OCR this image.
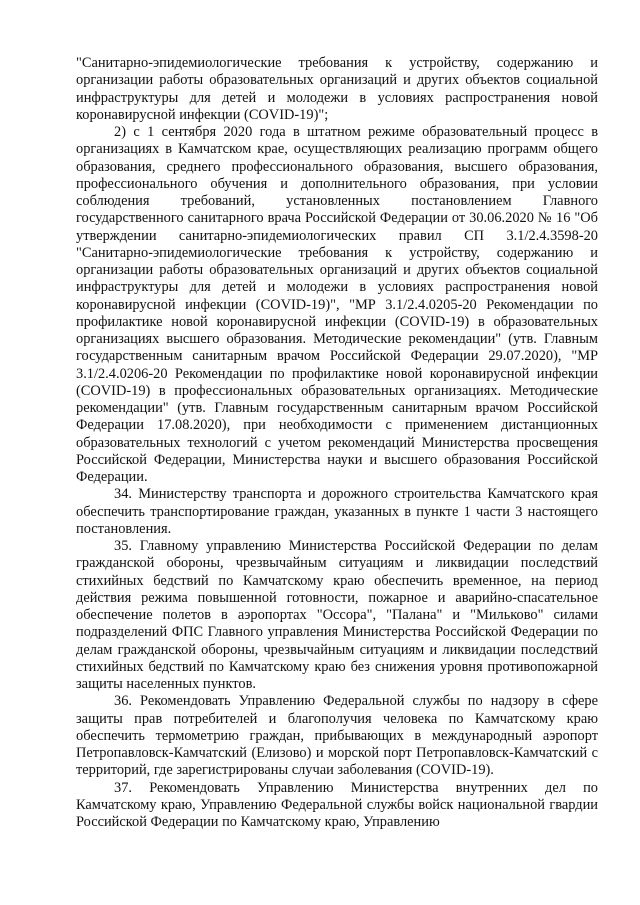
"Санитарно-эпидемиологические требования к устройству, содержанию и организации работы образовательных организаций и других объектов социальной инфраструктуры для детей и молодежи в условиях распространения новой коронавирусной инфекции (COVID-19)";

2) с 1 сентября 2020 года в штатном режиме образовательный процесс в организациях в Камчатском крае, осуществляющих реализацию программ общего образования, среднего профессионального образования, высшего образования, профессионального обучения и дополнительного образования, при условии соблюдения требований, установленных постановлением Главного государственного санитарного врача Российской Федерации от 30.06.2020 № 16 "Об утверждении санитарно-эпидемиологических правил СП 3.1/2.4.3598-20 "Санитарно-эпидемиологические требования к устройству, содержанию и организации работы образовательных организаций и других объектов социальной инфраструктуры для детей и молодежи в условиях распространения новой коронавирусной инфекции (COVID-19)", "МР 3.1/2.4.0205-20 Рекомендации по профилактике новой коронавирусной инфекции (COVID-19) в образовательных организациях высшего образования. Методические рекомендации" (утв. Главным государственным санитарным врачом Российской Федерации 29.07.2020), "МР 3.1/2.4.0206-20 Рекомендации по профилактике новой коронавирусной инфекции (COVID-19) в профессиональных образовательных организациях. Методические рекомендации" (утв. Главным государственным санитарным врачом Российской Федерации 17.08.2020), при необходимости с применением дистанционных образовательных технологий с учетом рекомендаций Министерства просвещения Российской Федерации, Министерства науки и высшего образования Российской Федерации.

34. Министерству транспорта и дорожного строительства Камчатского края обеспечить транспортирование граждан, указанных в пункте 1 части 3 настоящего постановления.

35. Главному управлению Министерства Российской Федерации по делам гражданской обороны, чрезвычайным ситуациям и ликвидации последствий стихийных бедствий по Камчатскому краю обеспечить временное, на период действия режима повышенной готовности, пожарное и аварийно-спасательное обеспечение полетов в аэропортах "Оссора", "Палана" и "Мильково" силами подразделений ФПС Главного управления Министерства Российской Федерации по делам гражданской обороны, чрезвычайным ситуациям и ликвидации последствий стихийных бедствий по Камчатскому краю без снижения уровня противопожарной защиты населенных пунктов.

36. Рекомендовать Управлению Федеральной службы по надзору в сфере защиты прав потребителей и благополучия человека по Камчатскому краю обеспечить термометрию граждан, прибывающих в международный аэропорт Петропавловск-Камчатский (Елизово) и морской порт Петропавловск-Камчатский с территорий, где зарегистрированы случаи заболевания (COVID-19).

37. Рекомендовать Управлению Министерства внутренних дел по Камчатскому краю, Управлению Федеральной службы войск национальной гвардии Российской Федерации по Камчатскому краю, Управлению
